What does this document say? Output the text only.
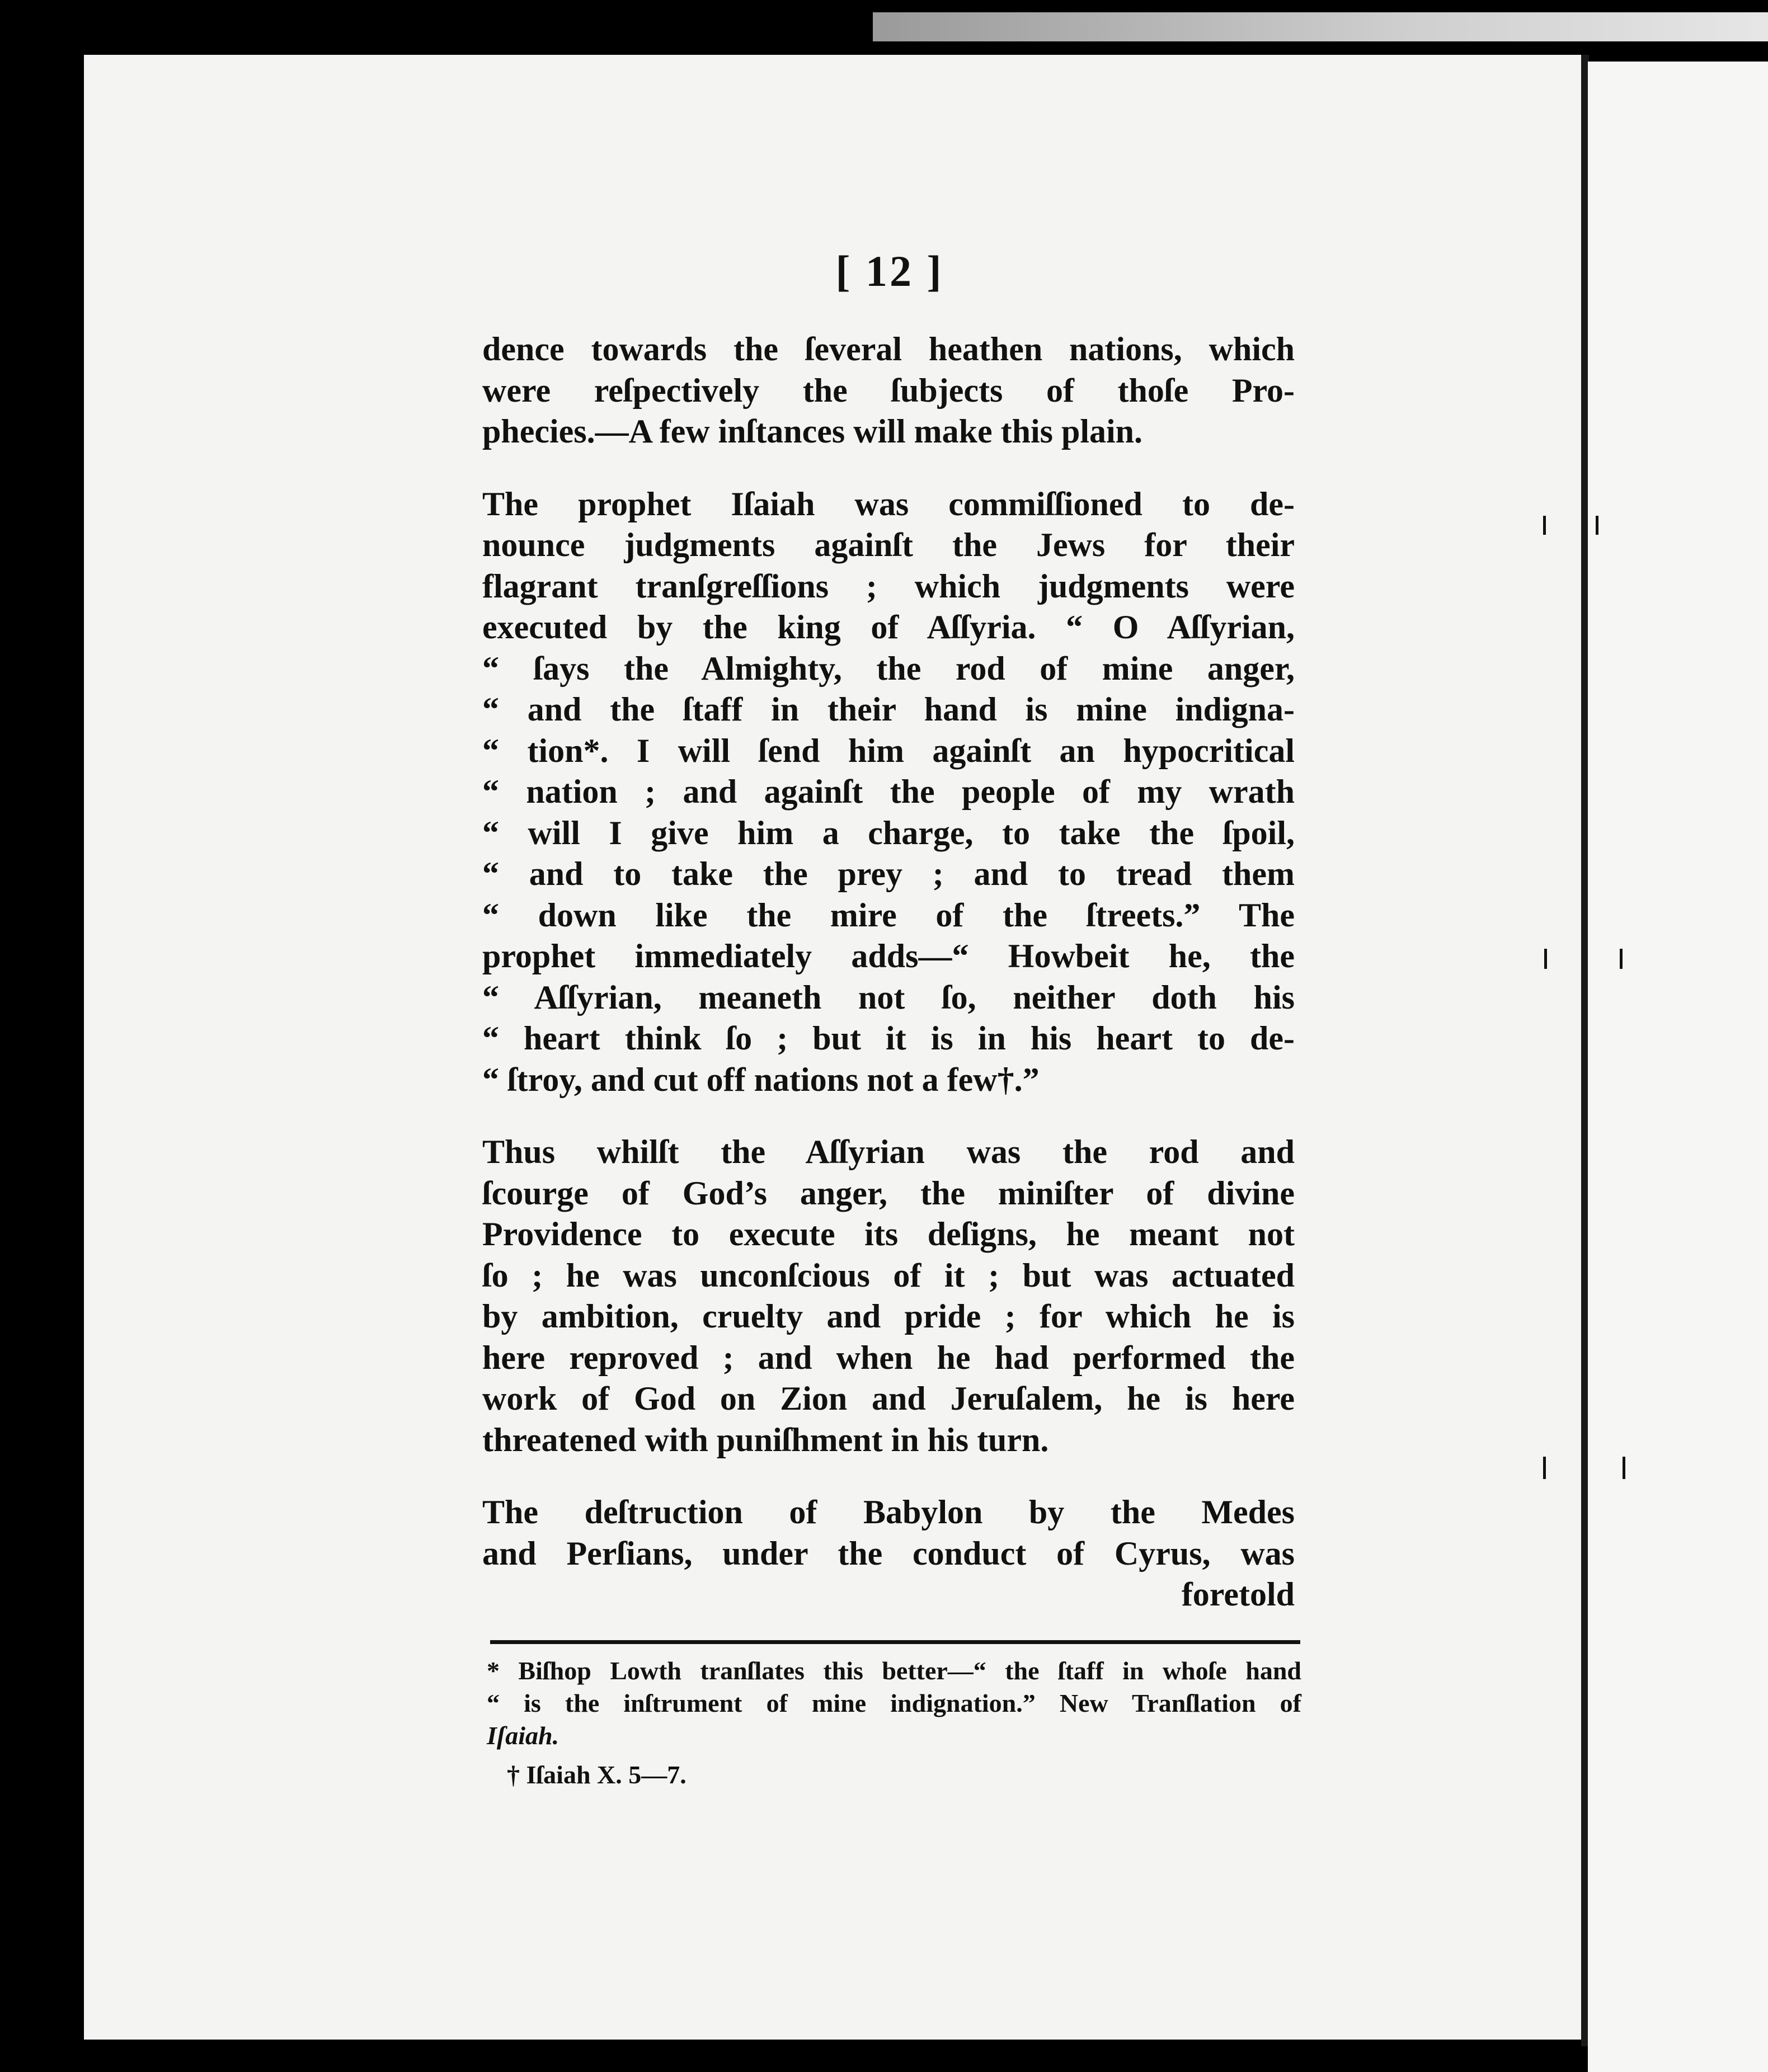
[ 12 ]

dence towards the ſeveral heathen nations, which
were reſpectively the ſubjects of thoſe Pro-
phecies.—A few inſtances will make this plain.

The prophet Iſaiah was commiſſioned to de-
nounce judgments againſt the Jews for their
flagrant tranſgreſſions ; which judgments were
executed by the king of Aſſyria. “ O Aſſyrian,
“ ſays the Almighty, the rod of mine anger,
“ and the ſtaff in their hand is mine indigna-
“ tion*. I will ſend him againſt an hypocritical
“ nation ; and againſt the people of my wrath
“ will I give him a charge, to take the ſpoil,
“ and to take the prey ; and to tread them
“ down like the mire of the ſtreets.” The
prophet immediately adds—“ Howbeit he, the
“ Aſſyrian, meaneth not ſo, neither doth his
“ heart think ſo ; but it is in his heart to de-
“ ſtroy, and cut off nations not a few†.”

Thus whilſt the Aſſyrian was the rod and
ſcourge of God’s anger, the miniſter of divine
Providence to execute its deſigns, he meant not
ſo ; he was unconſcious of it ; but was actuated
by ambition, cruelty and pride ; for which he is
here reproved ; and when he had performed the
work of God on Zion and Jeruſalem, he is here
threatened with puniſhment in his turn.

The deſtruction of Babylon by the Medes
and Perſians, under the conduct of Cyrus, was
foretold

* Biſhop Lowth tranſlates this better—“ the ſtaff in whoſe hand
“ is the inſtrument of mine indignation.” New Tranſlation of
Iſaiah.
† Iſaiah X. 5—7.
